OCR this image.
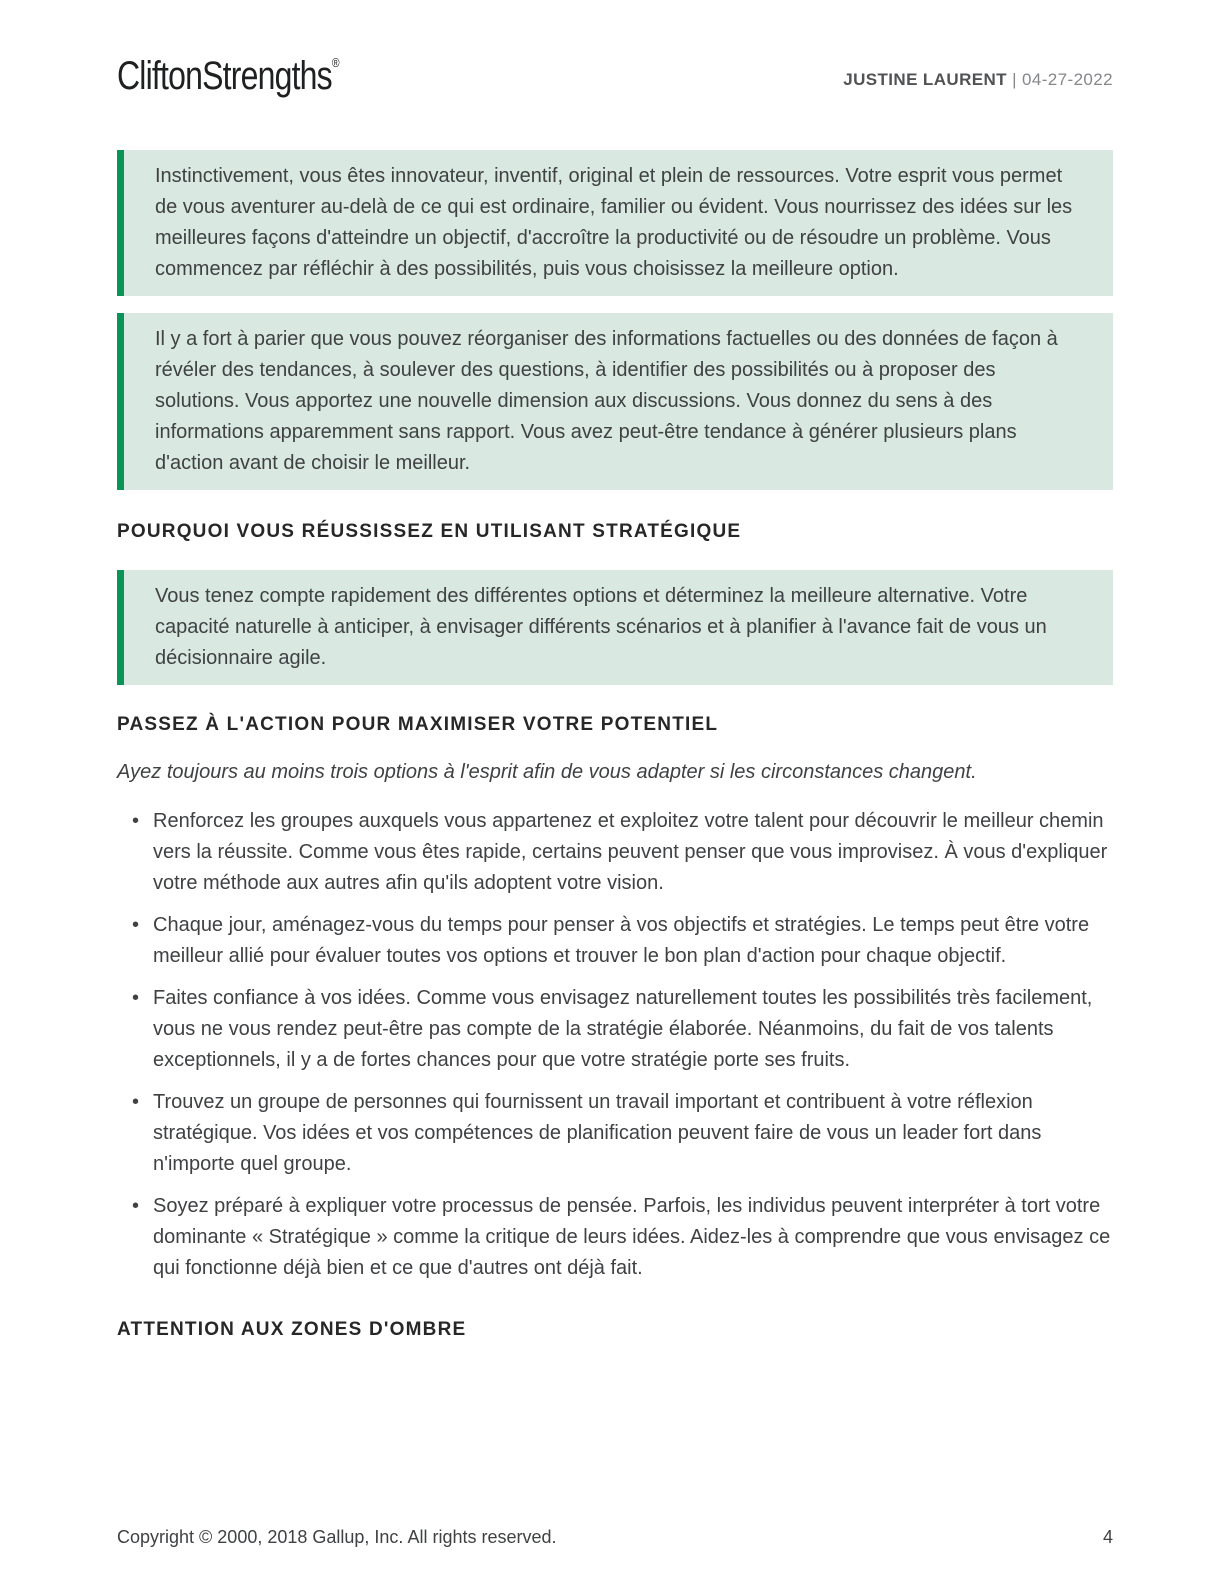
CliftonStrengths®
JUSTINE LAURENT | 04-27-2022
Instinctivement, vous êtes innovateur, inventif, original et plein de ressources. Votre esprit vous permet de vous aventurer au-delà de ce qui est ordinaire, familier ou évident. Vous nourrissez des idées sur les meilleures façons d'atteindre un objectif, d'accroître la productivité ou de résoudre un problème. Vous commencez par réfléchir à des possibilités, puis vous choisissez la meilleure option.
Il y a fort à parier que vous pouvez réorganiser des informations factuelles ou des données de façon à révéler des tendances, à soulever des questions, à identifier des possibilités ou à proposer des solutions. Vous apportez une nouvelle dimension aux discussions. Vous donnez du sens à des informations apparemment sans rapport. Vous avez peut-être tendance à générer plusieurs plans d'action avant de choisir le meilleur.
POURQUOI VOUS RÉUSSISSEZ EN UTILISANT STRATÉGIQUE
Vous tenez compte rapidement des différentes options et déterminez la meilleure alternative. Votre capacité naturelle à anticiper, à envisager différents scénarios et à planifier à l'avance fait de vous un décisionnaire agile.
PASSEZ À L'ACTION POUR MAXIMISER VOTRE POTENTIEL

Ayez toujours au moins trois options à l'esprit afin de vous adapter si les circonstances changent.

• Renforcez les groupes auxquels vous appartenez et exploitez votre talent pour découvrir le meilleur chemin vers la réussite. Comme vous êtes rapide, certains peuvent penser que vous improvisez. À vous d'expliquer votre méthode aux autres afin qu'ils adoptent votre vision.
• Chaque jour, aménagez-vous du temps pour penser à vos objectifs et stratégies. Le temps peut être votre meilleur allié pour évaluer toutes vos options et trouver le bon plan d'action pour chaque objectif.
• Faites confiance à vos idées. Comme vous envisagez naturellement toutes les possibilités très facilement, vous ne vous rendez peut-être pas compte de la stratégie élaborée. Néanmoins, du fait de vos talents exceptionnels, il y a de fortes chances pour que votre stratégie porte ses fruits.
• Trouvez un groupe de personnes qui fournissent un travail important et contribuent à votre réflexion stratégique. Vos idées et vos compétences de planification peuvent faire de vous un leader fort dans n'importe quel groupe.
• Soyez préparé à expliquer votre processus de pensée. Parfois, les individus peuvent interpréter à tort votre dominante « Stratégique » comme la critique de leurs idées. Aidez-les à comprendre que vous envisagez ce qui fonctionne déjà bien et ce que d'autres ont déjà fait.
ATTENTION AUX ZONES D'OMBRE
Copyright © 2000, 2018 Gallup, Inc. All rights reserved.	4
